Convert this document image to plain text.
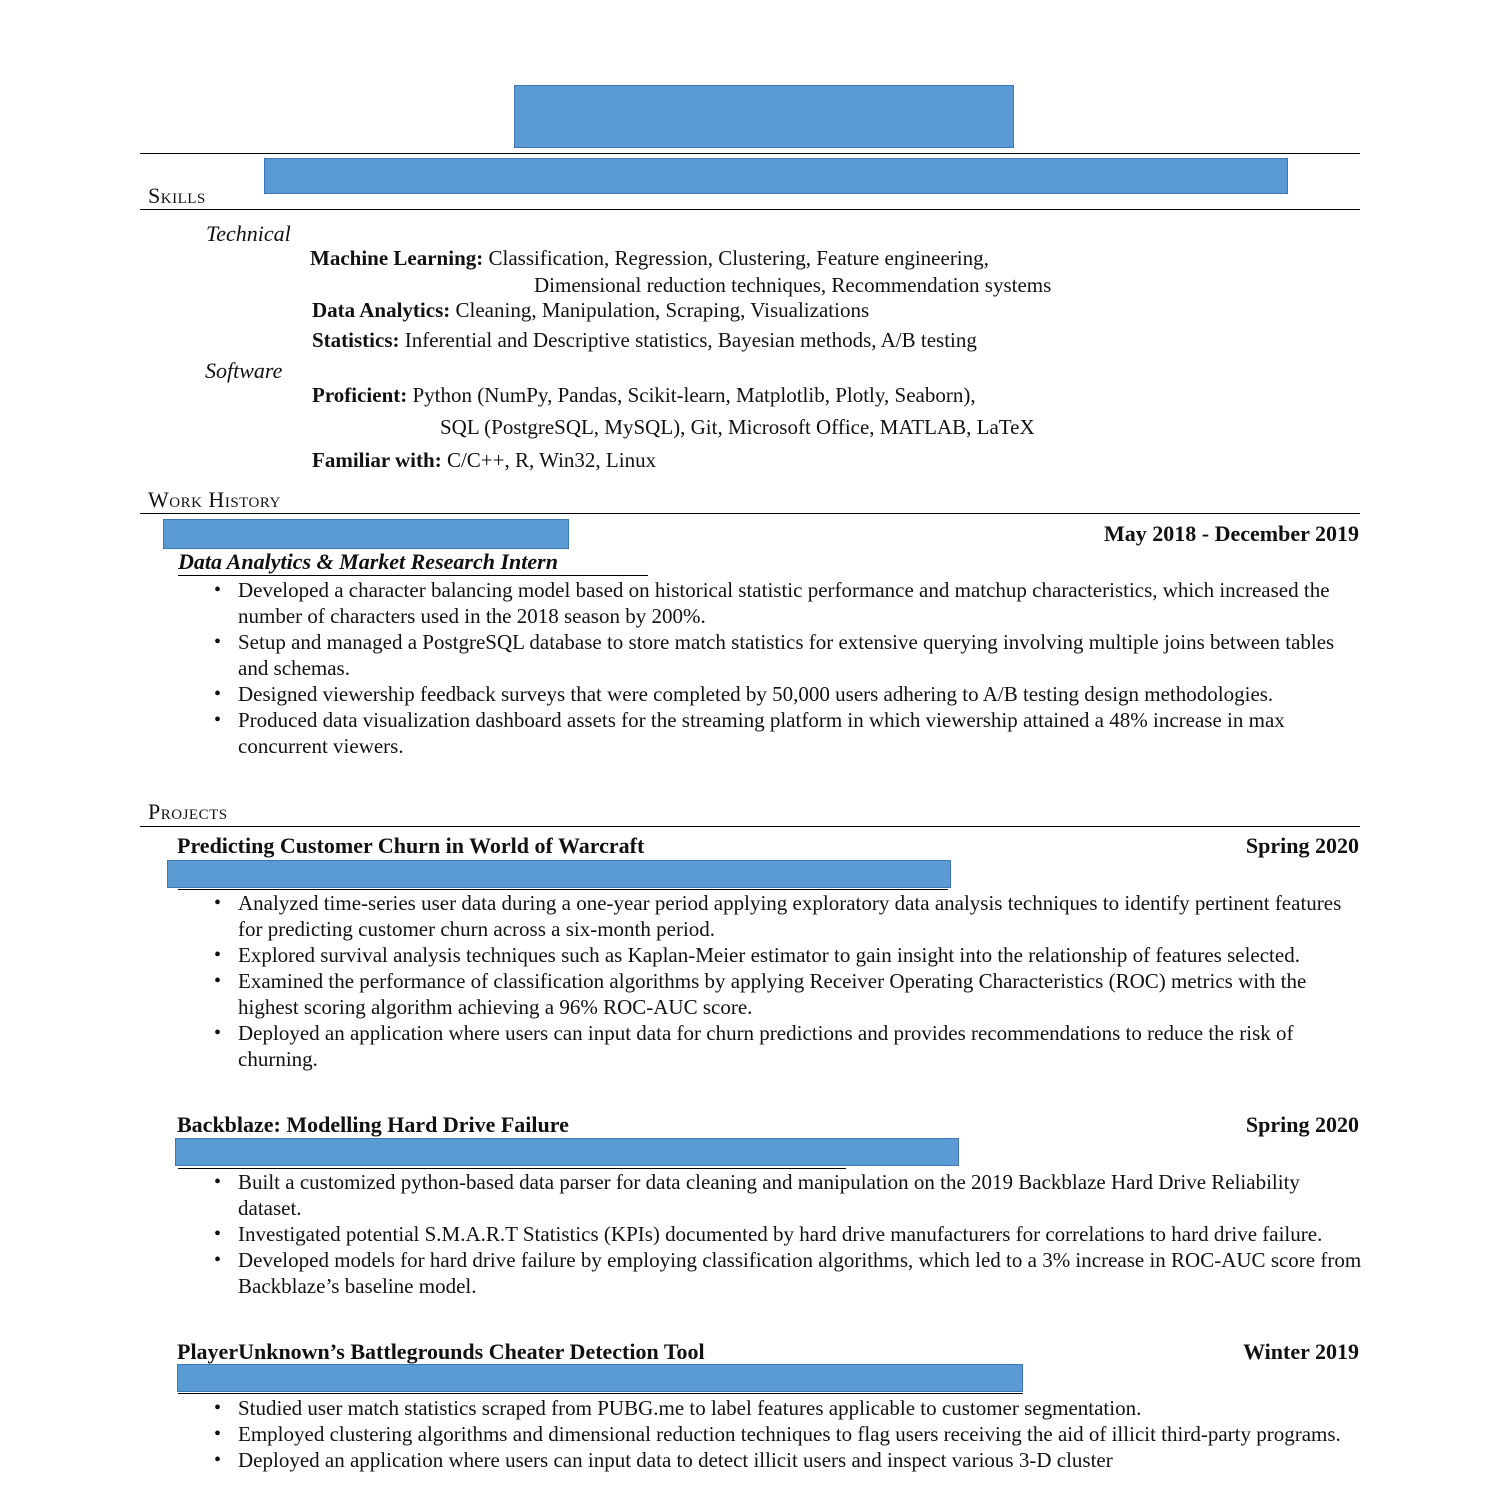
Skills
Technical
Machine Learning: Classification, Regression, Clustering, Feature engineering,
Dimensional reduction techniques, Recommendation systems
Data Analytics: Cleaning, Manipulation, Scraping, Visualizations
Statistics: Inferential and Descriptive statistics, Bayesian methods, A/B testing
Software
Proficient: Python (NumPy, Pandas, Scikit-learn, Matplotlib, Plotly, Seaborn),
SQL (PostgreSQL, MySQL), Git, Microsoft Office, MATLAB, LaTeX
Familiar with: C/C++, R, Win32, Linux
Work History
May 2018 - December 2019
Data Analytics & Market Research Intern
• Developed a character balancing model based on historical statistic performance and matchup characteristics, which increased the number of characters used in the 2018 season by 200%.
• Setup and managed a PostgreSQL database to store match statistics for extensive querying involving multiple joins between tables and schemas.
• Designed viewership feedback surveys that were completed by 50,000 users adhering to A/B testing design methodologies.
• Produced data visualization dashboard assets for the streaming platform in which viewership attained a 48% increase in max concurrent viewers.
Projects
Predicting Customer Churn in World of Warcraft	Spring 2020
• Analyzed time-series user data during a one-year period applying exploratory data analysis techniques to identify pertinent features for predicting customer churn across a six-month period.
• Explored survival analysis techniques such as Kaplan-Meier estimator to gain insight into the relationship of features selected.
• Examined the performance of classification algorithms by applying Receiver Operating Characteristics (ROC) metrics with the highest scoring algorithm achieving a 96% ROC-AUC score.
• Deployed an application where users can input data for churn predictions and provides recommendations to reduce the risk of churning.
Backblaze: Modelling Hard Drive Failure	Spring 2020
• Built a customized python-based data parser for data cleaning and manipulation on the 2019 Backblaze Hard Drive Reliability dataset.
• Investigated potential S.M.A.R.T Statistics (KPIs) documented by hard drive manufacturers for correlations to hard drive failure.
• Developed models for hard drive failure by employing classification algorithms, which led to a 3% increase in ROC-AUC score from Backblaze’s baseline model.
PlayerUnknown’s Battlegrounds Cheater Detection Tool	Winter 2019
• Studied user match statistics scraped from PUBG.me to label features applicable to customer segmentation.
• Employed clustering algorithms and dimensional reduction techniques to flag users receiving the aid of illicit third-party programs.
• Deployed an application where users can input data to detect illicit users and inspect various 3-D cluster
